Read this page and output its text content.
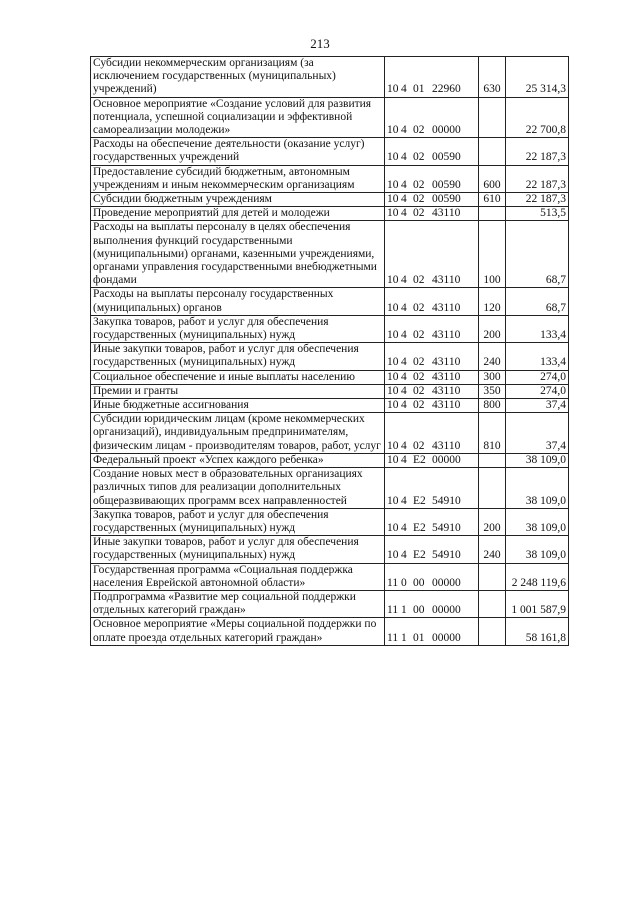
213
Субсидии некоммерческим организациям (за исключением государственных (муниципальных) учреждений)	10 4 01 22960	630	25 314,3
Основное мероприятие «Создание условий для развития потенциала, успешной социализации и эффективной самореализации молодежи»	10 4 02 00000		22 700,8
Расходы на обеспечение деятельности (оказание услуг) государственных учреждений	10 4 02 00590		22 187,3
Предоставление субсидий бюджетным, автономным учреждениям и иным некоммерческим организациям	10 4 02 00590	600	22 187,3
Субсидии бюджетным учреждениям	10 4 02 00590	610	22 187,3
Проведение мероприятий для детей и молодежи	10 4 02 43110		513,5
Расходы на выплаты персоналу в целях обеспечения выполнения функций государственными (муниципальными) органами, казенными учреждениями, органами управления государственными внебюджетными фондами	10 4 02 43110	100	68,7
Расходы на выплаты персоналу государственных (муниципальных) органов	10 4 02 43110	120	68,7
Закупка товаров, работ и услуг для обеспечения государственных (муниципальных) нужд	10 4 02 43110	200	133,4
Иные закупки товаров, работ и услуг для обеспечения государственных (муниципальных) нужд	10 4 02 43110	240	133,4
Социальное обеспечение и иные выплаты населению	10 4 02 43110	300	274,0
Премии и гранты	10 4 02 43110	350	274,0
Иные бюджетные ассигнования	10 4 02 43110	800	37,4
Субсидии юридическим лицам (кроме некоммерческих организаций), индивидуальным предпринимателям, физическим лицам - производителям товаров, работ, услуг	10 4 02 43110	810	37,4
Федеральный проект «Успех каждого ребенка»	10 4 E2 00000		38 109,0
Создание новых мест в образовательных организациях различных типов для реализации дополнительных общеразвивающих программ всех направленностей	10 4 E2 54910		38 109,0
Закупка товаров, работ и услуг для обеспечения государственных (муниципальных) нужд	10 4 E2 54910	200	38 109,0
Иные закупки товаров, работ и услуг для обеспечения государственных (муниципальных) нужд	10 4 E2 54910	240	38 109,0
Государственная программа «Социальная поддержка населения Еврейской автономной области»	11 0 00 00000		2 248 119,6
Подпрограмма «Развитие мер социальной поддержки отдельных категорий граждан»	11 1 00 00000		1 001 587,9
Основное мероприятие «Меры социальной поддержки по оплате проезда отдельных категорий граждан»	11 1 01 00000		58 161,8
